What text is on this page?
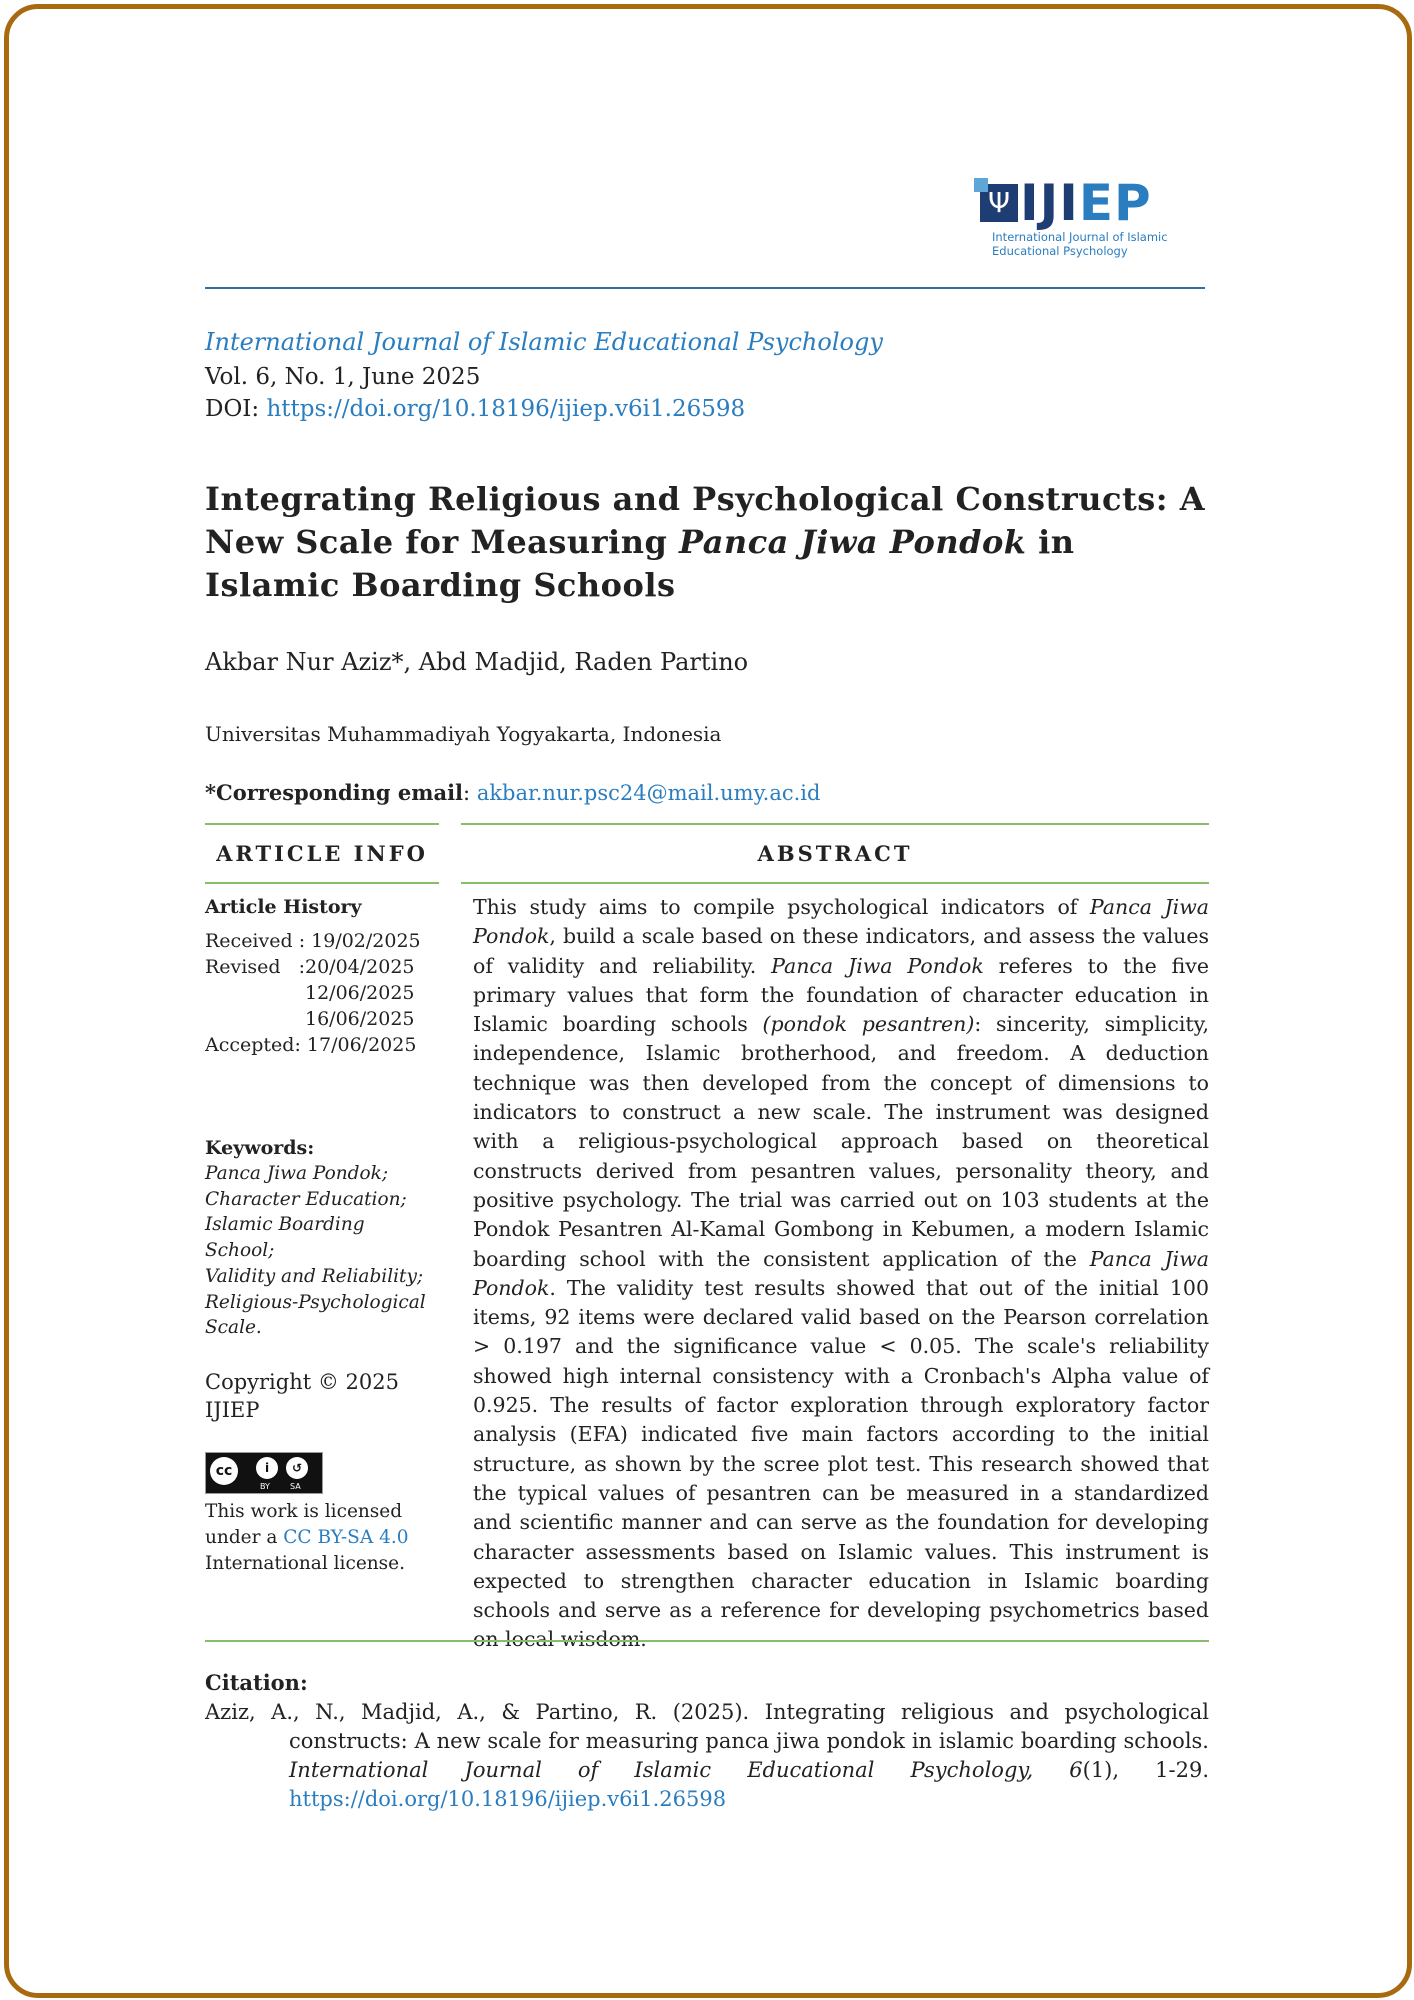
Ψ IJIEP
International Journal of Islamic
Educational Psychology
International Journal of Islamic Educational Psychology
Vol. 6, No. 1, June 2025
DOI: https://doi.org/10.18196/ijiep.v6i1.26598
Integrating Religious and Psychological Constructs: A New Scale for Measuring Panca Jiwa Pondok in Islamic Boarding Schools
Akbar Nur Aziz*, Abd Madjid, Raden Partino
Universitas Muhammadiyah Yogyakarta, Indonesia
*Corresponding email: akbar.nur.psc24@mail.umy.ac.id
ARTICLE INFO	ABSTRACT
Article History
Received : 19/02/2025
Revised   :
20/04/2025
12/06/2025
16/06/2025
Accepted: 17/06/2025
Keywords:
Panca Jiwa Pondok;
Character Education;
Islamic Boarding School;
Validity and Reliability;
Religious-Psychological
Scale.
Copyright © 2025
IJIEP
cc	i	↺
BY	SA
This work is licensed under a CC BY-SA 4.0 International license.
This study aims to compile psychological indicators of Panca Jiwa Pondok, build a scale based on these indicators, and assess the values of validity and reliability. Panca Jiwa Pondok referes to the five primary values that form the foundation of character education in Islamic boarding schools (pondok pesantren): sincerity, simplicity, independence, Islamic brotherhood, and freedom. A deduction technique was then developed from the concept of dimensions to indicators to construct a new scale. The instrument was designed with a religious-psychological approach based on theoretical constructs derived from pesantren values, personality theory, and positive psychology. The trial was carried out on 103 students at the Pondok Pesantren Al-Kamal Gombong in Kebumen, a modern Islamic boarding school with the consistent application of the Panca Jiwa Pondok. The validity test results showed that out of the initial 100 items, 92 items were declared valid based on the Pearson correlation > 0.197 and the significance value < 0.05. The scale's reliability showed high internal consistency with a Cronbach's Alpha value of 0.925. The results of factor exploration through exploratory factor analysis (EFA) indicated five main factors according to the initial structure, as shown by the scree plot test. This research showed that the typical values of pesantren can be measured in a standardized and scientific manner and can serve as the foundation for developing character assessments based on Islamic values. This instrument is expected to strengthen character education in Islamic boarding schools and serve as a reference for developing psychometrics based on local wisdom.
Citation:
Aziz, A., N., Madjid, A., & Partino, R. (2025). Integrating religious and psychological constructs: A new scale for measuring panca jiwa pondok in islamic boarding schools. International Journal of Islamic Educational Psychology, 6(1), 1-29. https://doi.org/10.18196/ijiep.v6i1.26598
